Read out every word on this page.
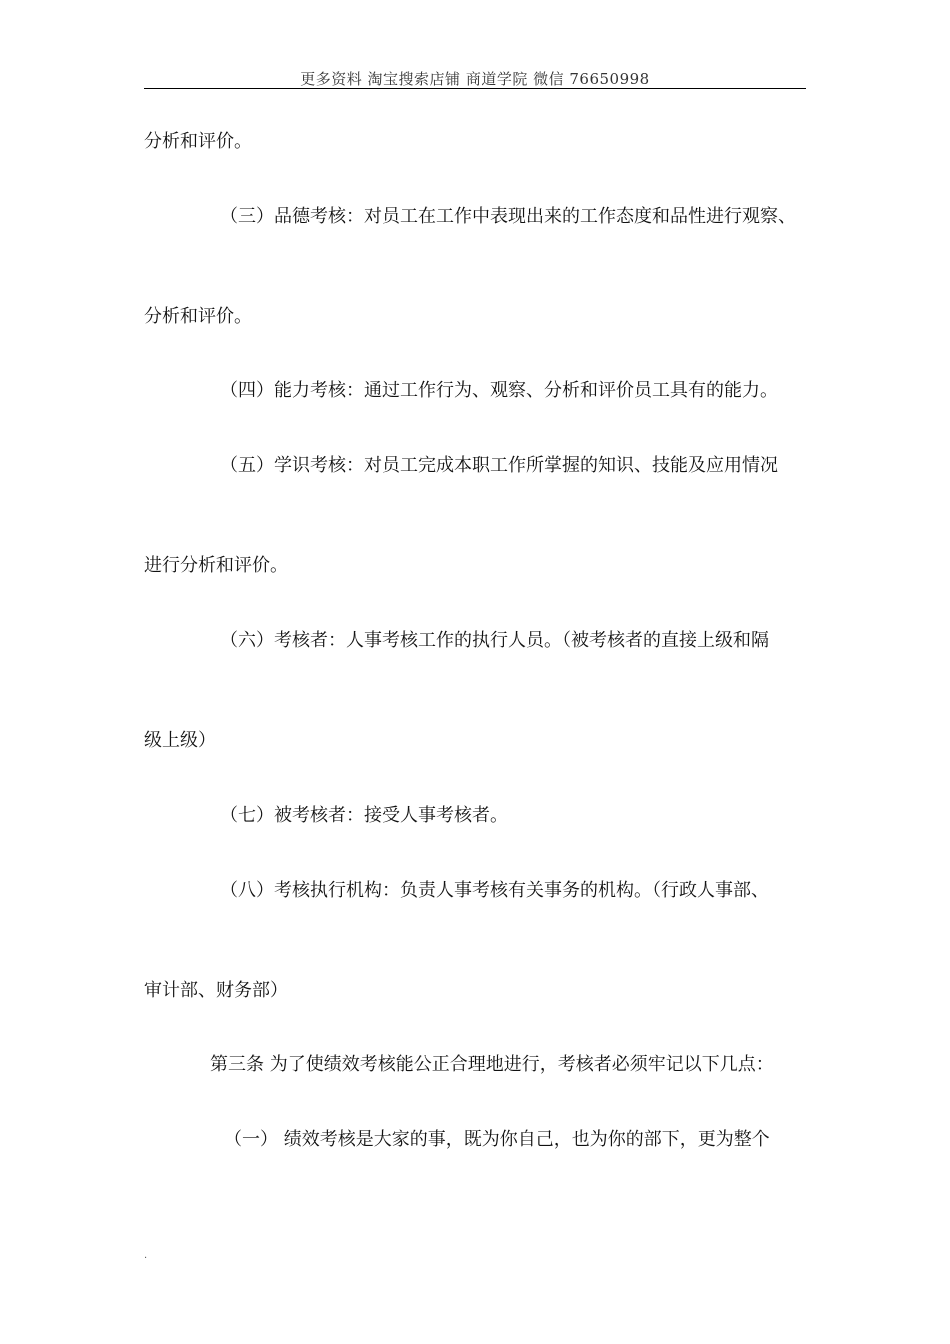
更多资料 淘宝搜索店铺 商道学院 微信 76650998
分析和评价。
（三）品德考核：对员工在工作中表现出来的工作态度和品性进行观察、
分析和评价。
（四）能力考核：通过工作行为、观察、分析和评价员工具有的能力。
（五）学识考核：对员工完成本职工作所掌握的知识、技能及应用情况
进行分析和评价。
（六）考核者：人事考核工作的执行人员。（被考核者的直接上级和隔
级上级）
（七）被考核者：接受人事考核者。
（八）考核执行机构：负责人事考核有关事务的机构。（行政人事部、
审计部、财务部）
第三条 为了使绩效考核能公正合理地进行，考核者必须牢记以下几点：
（一） 绩效考核是大家的事，既为你自己，也为你的部下，更为整个
.
